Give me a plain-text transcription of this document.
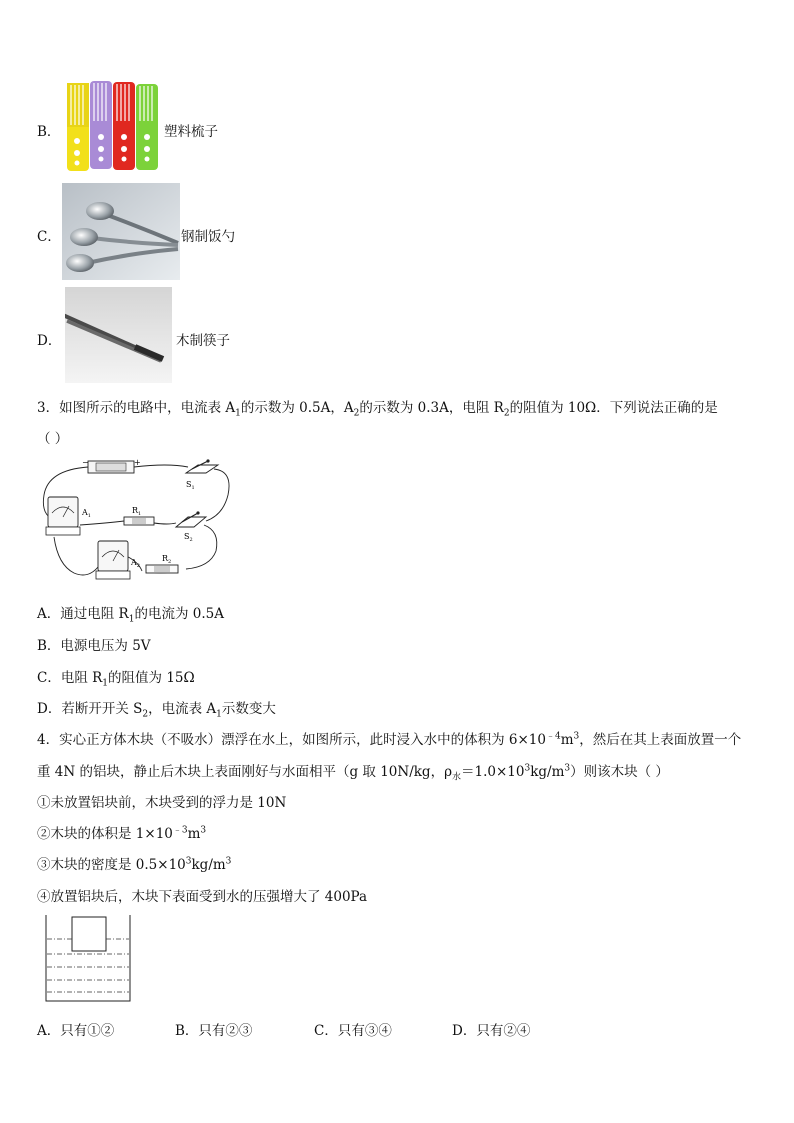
B．	塑料梳子
C．	钢制饭勺
D．	木制筷子
3．如图所示的电路中，电流表 $A_1$的示数为 0.5A，$A_2$的示数为 0.3A，电阻 $R_2$的阻值为 10Ω．下列说法正确的是
（ ）
−	+
$S_1$
$A_1$
$R_1$
$S_2$
$A_2$
$R_2$
A．通过电阻 $R_1$的电流为 0.5A
B．电源电压为 5V
C．电阻 $R_1$的阻值为 15Ω
D．若断开开关 $S_2$，电流表 $A_1$示数变大
4．实心正方体木块（不吸水）漂浮在水上，如图所示，此时浸入水中的体积为 $6\times 10^{﹣4}m^3$，然后在其上表面放置一个
重 4N 的铝块，静止后木块上表面刚好与水面相平（g 取 10N/kg，$\rho_水=1.0\times 10^3kg/m^3$）则该木块（ ）
①未放置铝块前，木块受到的浮力是 10N
②木块的体积是 $1\times 10^{﹣3}m^3$
③木块的密度是 $0.5\times 10^3kg/m^3$
④放置铝块后，木块下表面受到水的压强增大了 400Pa
A．只有①②	B．只有②③	C．只有③④	D．只有②④
